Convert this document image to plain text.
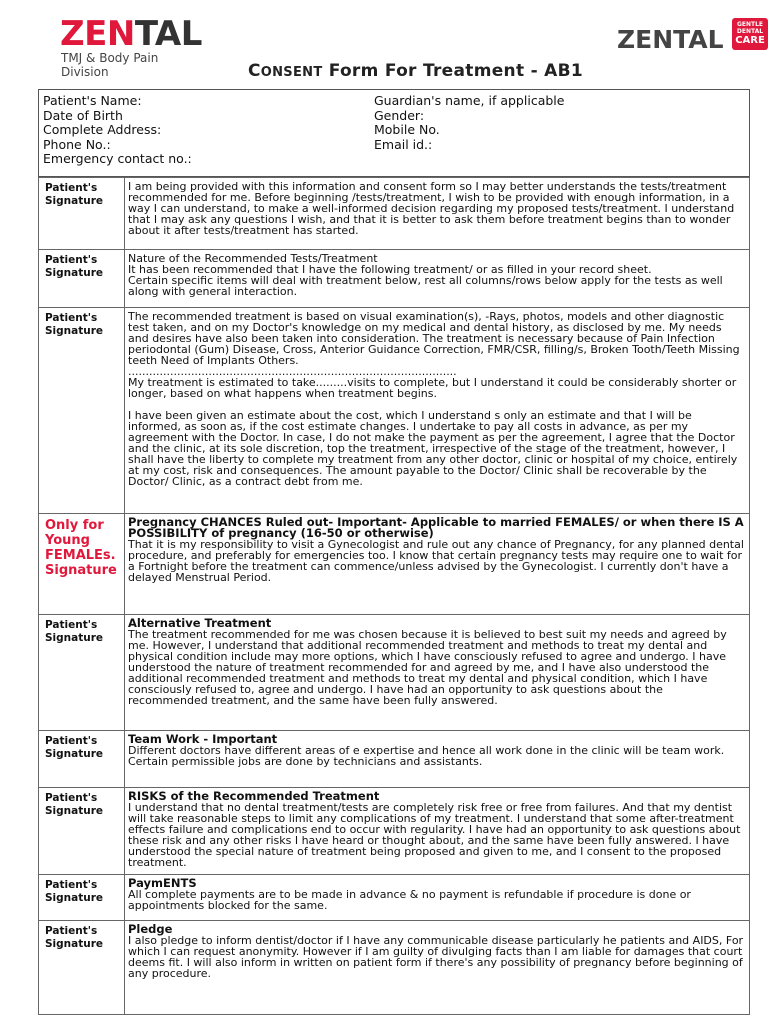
ZENTAL
TMJ & Body Pain Division
ZENTAL
GENTLE
DENTAL
CARE
CONSENT Form For Treatment - AB1
Patient's Name:
Date of Birth
Complete Address:
Phone No.:
Emergency contact no.:
Guardian's name, if applicable
Gender:
Mobile No.
Email id.:
Patient's Signature	I am being provided with this information and consent form so I may better understands the tests/treatment recommended for me. Before beginning /tests/treatment, I wish to be provided with enough information, in a way I can understand, to make a well-informed decision regarding my proposed tests/treatment. I understand that I may ask any questions I wish, and that it is better to ask them before treatment begins than to wonder about it after tests/treatment has started.

Patient's Signature	Nature of the Recommended Tests/Treatment

It has been recommended that I have the following treatment/ or as filled in your record sheet.

Certain specific items will deal with treatment below, rest all columns/rows below apply for the tests as well along with general interaction.

Patient's Signature	The recommended treatment is based on visual examination(s), -Rays, photos, models and other diagnostic test taken, and on my Doctor's knowledge on my medical and dental history, as disclosed by me. My needs and desires have also been taken into consideration. The treatment is necessary because of Pain Infection periodontal (Gum) Disease, Cross, Anterior Guidance Correction, FMR/CSR, filling/s, Broken Tooth/Teeth Missing teeth Need of Implants Others.

..............................................................................................

My treatment is estimated to take.........visits to complete, but I understand it could be considerably shorter or longer, based on what happens when treatment begins.

I have been given an estimate about the cost, which I understand s only an estimate and that I will be informed, as soon as, if the cost estimate changes. I undertake to pay all costs in advance, as per my agreement with the Doctor. In case, I do not make the payment as per the agreement, I agree that the Doctor and the clinic, at its sole discretion, top the treatment, irrespective of the stage of the treatment, however, I shall have the liberty to complete my treatment from any other doctor, clinic or hospital of my choice, entirely at my cost, risk and consequences. The amount payable to the Doctor/ Clinic shall be recoverable by the Doctor/ Clinic, as a contract debt from me.

Only for Young FEMALEs. Signature	Pregnancy CHANCES Ruled out- Important- Applicable to married FEMALES/ or when there IS A POSSIBILITY of pregnancy (16-50 or otherwise)

That it is my responsibility to visit a Gynecologist and rule out any chance of Pregnancy, for any planned dental procedure, and preferably for emergencies too. I know that certain pregnancy tests may require one to wait for a Fortnight before the treatment can commence/unless advised by the Gynecologist. I currently don't have a delayed Menstrual Period.

Patient's Signature	Alternative Treatment

The treatment recommended for me was chosen because it is believed to best suit my needs and agreed by me. However, I understand that additional recommended treatment and methods to treat my dental and physical condition include may more options, which I have consciously refused to agree and undergo. I have understood the nature of treatment recommended for and agreed by me, and I have also understood the additional recommended treatment and methods to treat my dental and physical condition, which I have consciously refused to, agree and undergo. I have had an opportunity to ask questions about the recommended treatment, and the same have been fully answered.

Patient's Signature	Team Work - Important

Different doctors have different areas of e expertise and hence all work done in the clinic will be team work. Certain permissible jobs are done by technicians and assistants.

Patient's Signature	RISKS of the Recommended Treatment

I understand that no dental treatment/tests are completely risk free or free from failures. And that my dentist will take reasonable steps to limit any complications of my treatment. I understand that some after-treatment effects failure and complications end to occur with regularity. I have had an opportunity to ask questions about these risk and any other risks I have heard or thought about, and the same have been fully answered. I have understood the special nature of treatment being proposed and given to me, and I consent to the proposed treatment.

Patient's Signature	PaymENTS

All complete payments are to be made in advance & no payment is refundable if procedure is done or appointments blocked for the same.

Patient's Signature	Pledge

I also pledge to inform dentist/doctor if I have any communicable disease particularly he patients and AIDS, For which I can request anonymity. However if I am guilty of divulging facts than I am liable for damages that court deems fit. I will also inform in written on patient form if there's any possibility of pregnancy before beginning of any procedure.
